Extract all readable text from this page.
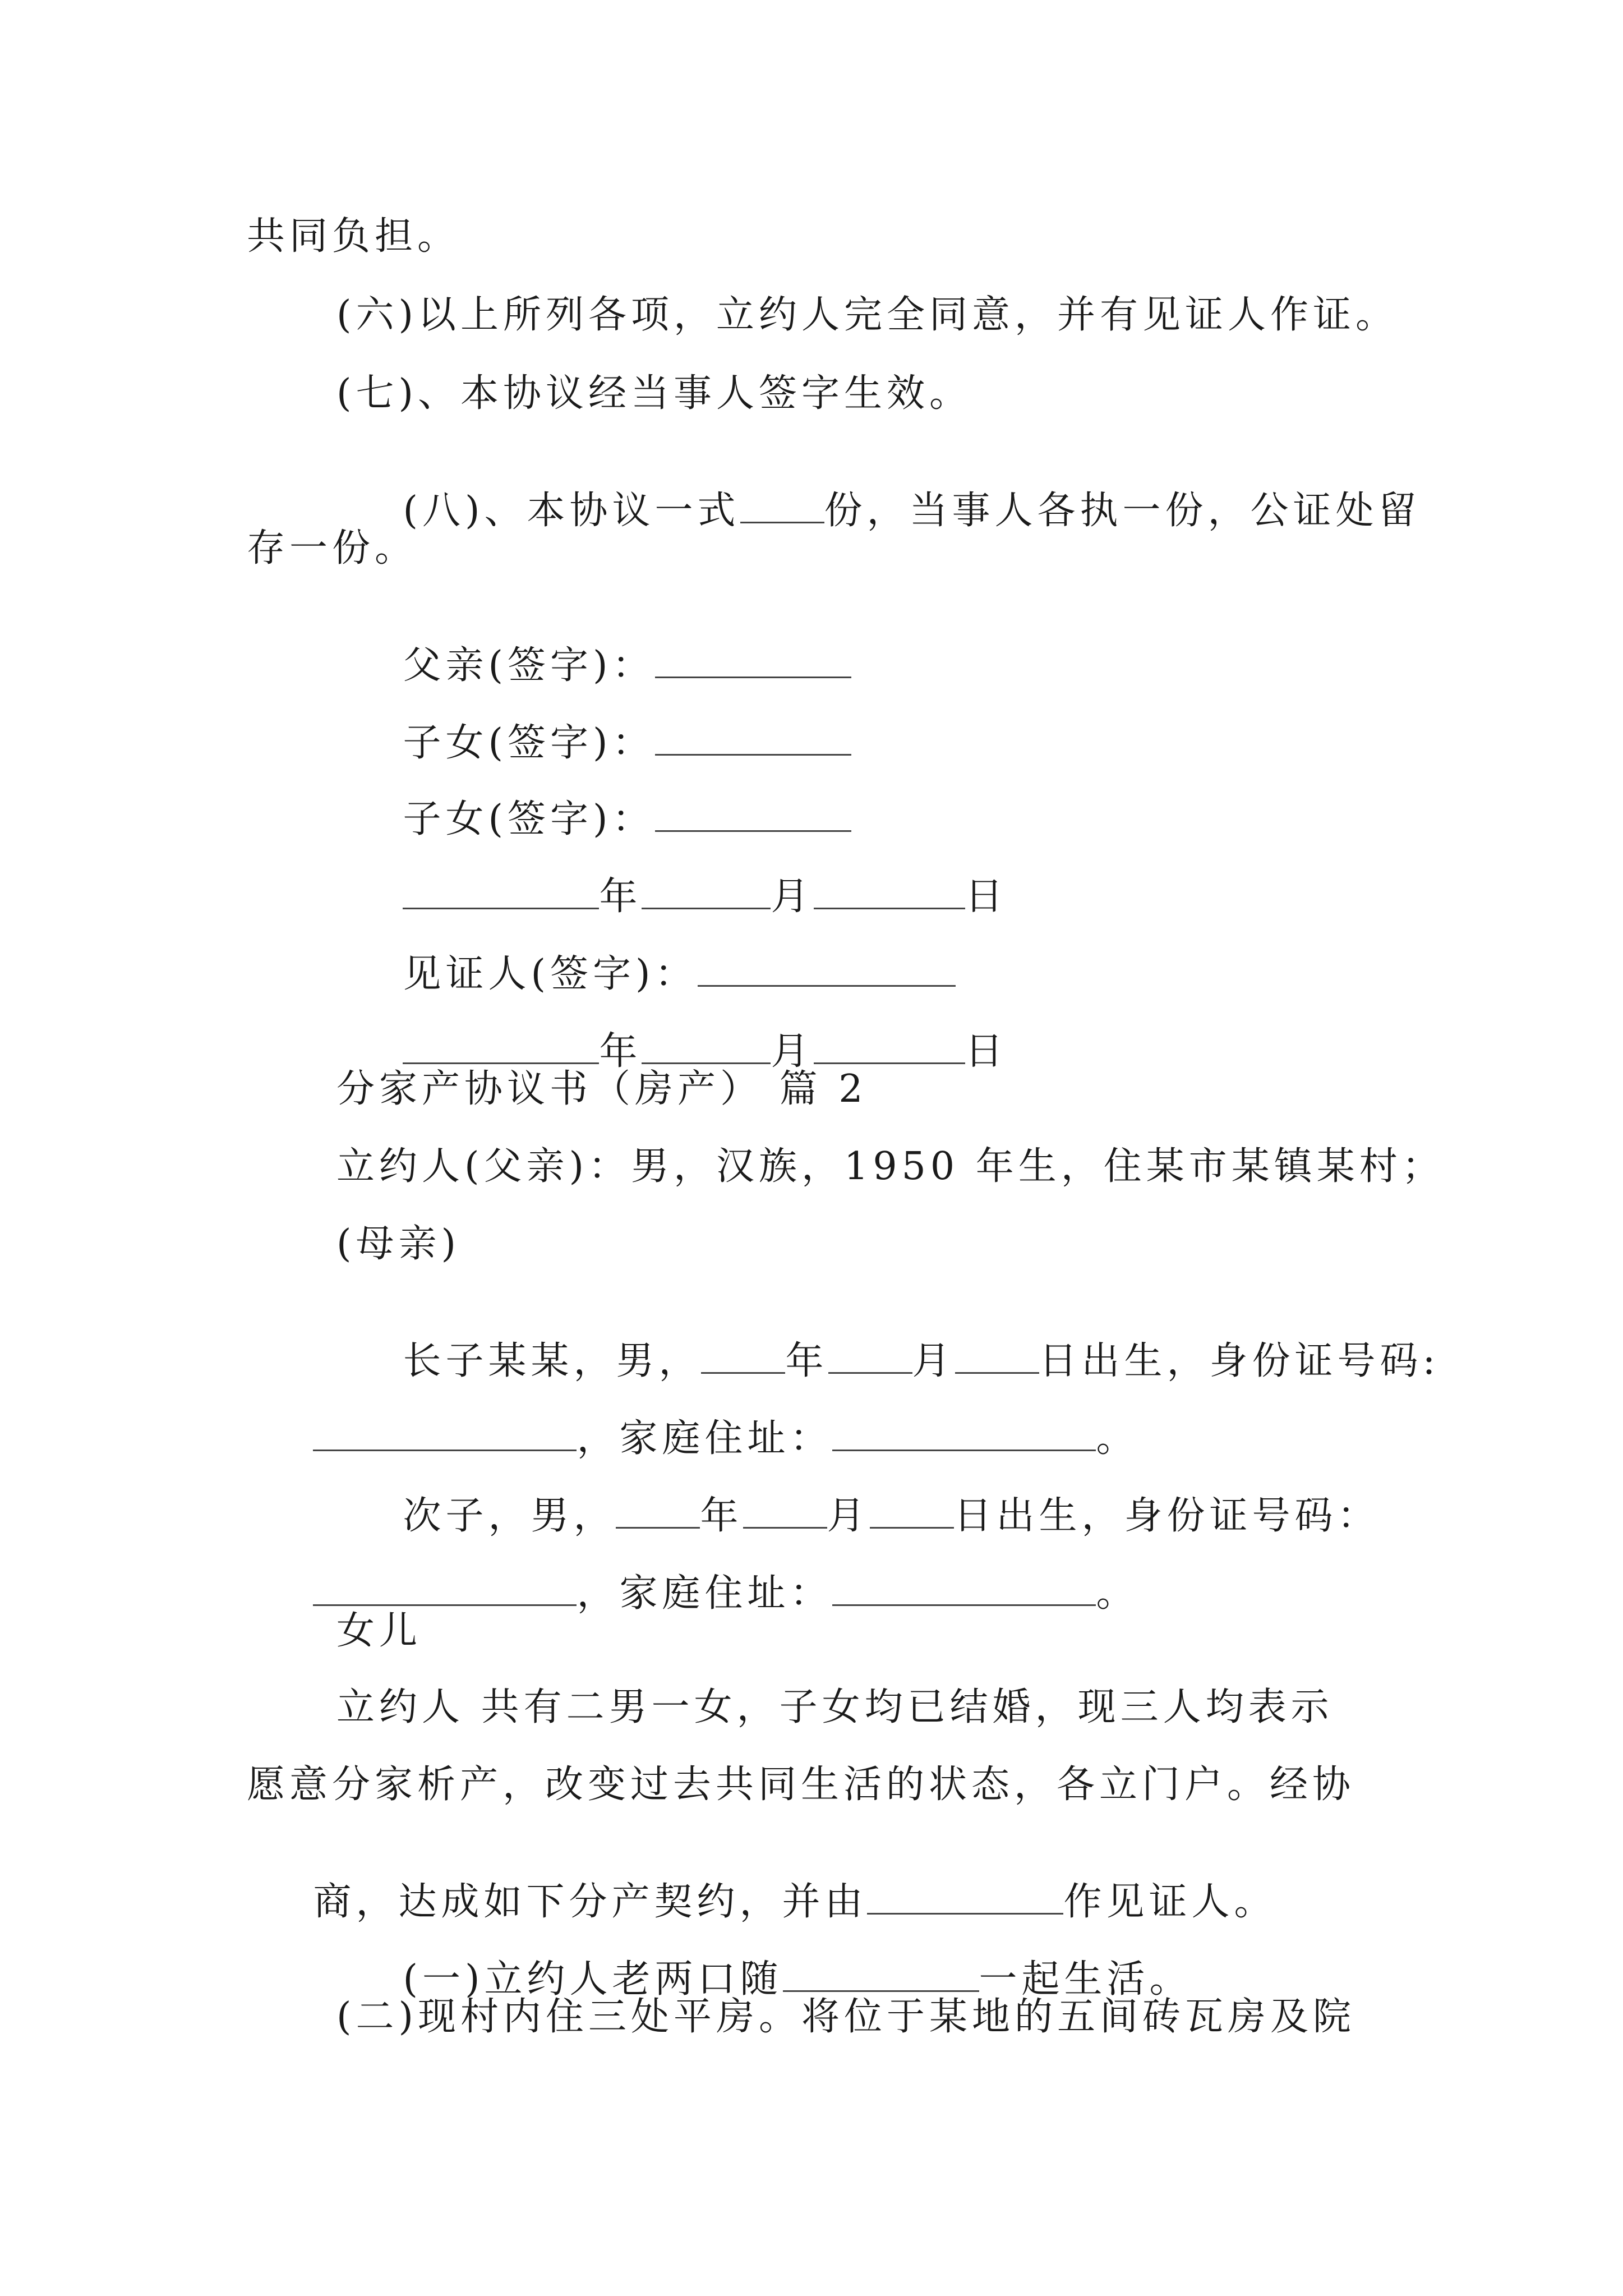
共同负担。
(六)以上所列各项，立约人完全同意，并有见证人作证。
(七)、本协议经当事人签字生效。

(八)、本协议一式 份，当事人各执一份，公证处留

存一份。

父亲(签字)：

子女(签字)：

子女(签字)：

年	月	日

见证人(签字)：

年	月	日

分家产协议书（房产） 篇 2
立约人(父亲)：男，汉族，1950 年生，住某市某镇某村；
(母亲)

长子某某，男， 年 月 日出生，身份证号码:

，家庭住址：	。

次子，男， 年 月 日出生，身份证号码：

，家庭住址：	。

女儿
立约人 共有二男一女，子女均已结婚，现三人均表示
愿意分家析产，改变过去共同生活的状态，各立门户。经协

商，达成如下分产契约，并由	作见证人。

(一)立约人老两口随	一起生活。

(二)现村内住三处平房。将位于某地的五间砖瓦房及院
